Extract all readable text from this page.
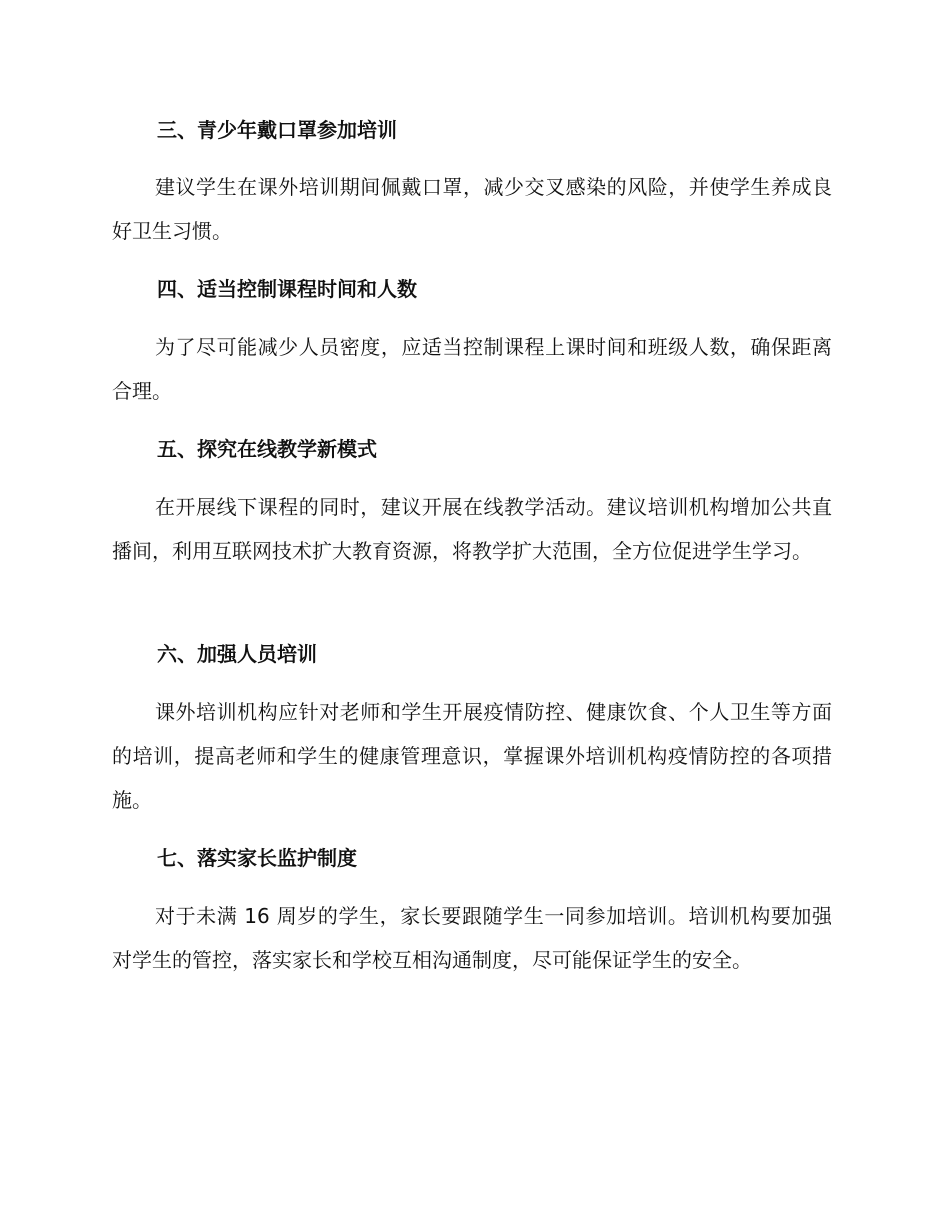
三、青少年戴口罩参加培训

建议学生在课外培训期间佩戴口罩，减少交叉感染的风险，并使学生养成良好卫生习惯。

四、适当控制课程时间和人数

为了尽可能减少人员密度，应适当控制课程上课时间和班级人数，确保距离合理。

五、探究在线教学新模式

在开展线下课程的同时，建议开展在线教学活动。建议培训机构增加公共直播间，利用互联网技术扩大教育资源，将教学扩大范围，全方位促进学生学习。

六、加强人员培训

课外培训机构应针对老师和学生开展疫情防控、健康饮食、个人卫生等方面的培训，提高老师和学生的健康管理意识，掌握课外培训机构疫情防控的各项措施。

七、落实家长监护制度

对于未满 16 周岁的学生，家长要跟随学生一同参加培训。培训机构要加强对学生的管控，落实家长和学校互相沟通制度，尽可能保证学生的安全。
